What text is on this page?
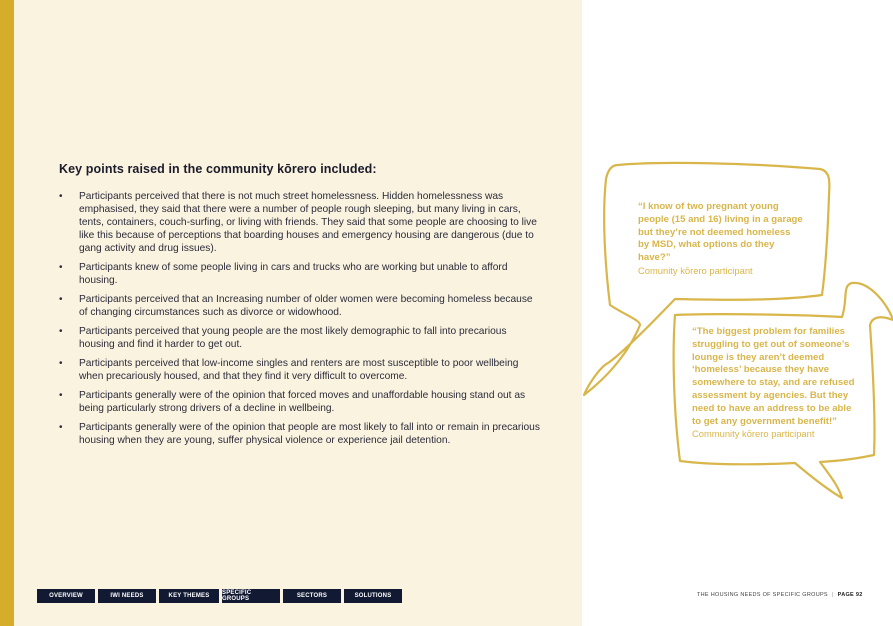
Key points raised in the community kōrero included:
• Participants perceived that there is not much street homelessness. Hidden homelessness was emphasised, they said that there were a number of people rough sleeping, but many living in cars, tents, containers, couch-surfing, or living with friends. They said that some people are choosing to live like this because of perceptions that boarding houses and emergency housing are dangerous (due to gang activity and drug issues).
• Participants knew of some people living in cars and trucks who are working but unable to afford housing.
• Participants perceived that an Increasing number of older women were becoming homeless because of changing circumstances such as divorce or widowhood.
• Participants perceived that young people are the most likely demographic to fall into precarious housing and find it harder to get out.
• Participants perceived that low-income singles and renters are most susceptible to poor wellbeing when precariously housed, and that they find it very difficult to overcome.
• Participants generally were of the opinion that forced moves and unaffordable housing stand out as being particularly strong drivers of a decline in wellbeing.
• Participants generally were of the opinion that people are most likely to fall into or remain in precarious housing when they are young, suffer physical violence or experience jail detention.
“I know of two pregnant young people (15 and 16) living in a garage but they’re not deemed homeless by MSD, what options do they have?”
Comunity kōrero participant
“The biggest problem for families struggling to get out of someone’s lounge is they aren’t deemed ‘homeless’ because they have somewhere to stay, and are refused assessment by agencies. But they need to have an address to be able to get any government benefit!”
Community kōrero participant
OVERVIEW	IWI NEEDS	KEY THEMES	SPECIFIC GROUPS	SECTORS	SOLUTIONS	THE HOUSING NEEDS OF SPECIFIC GROUPS | PAGE 92
